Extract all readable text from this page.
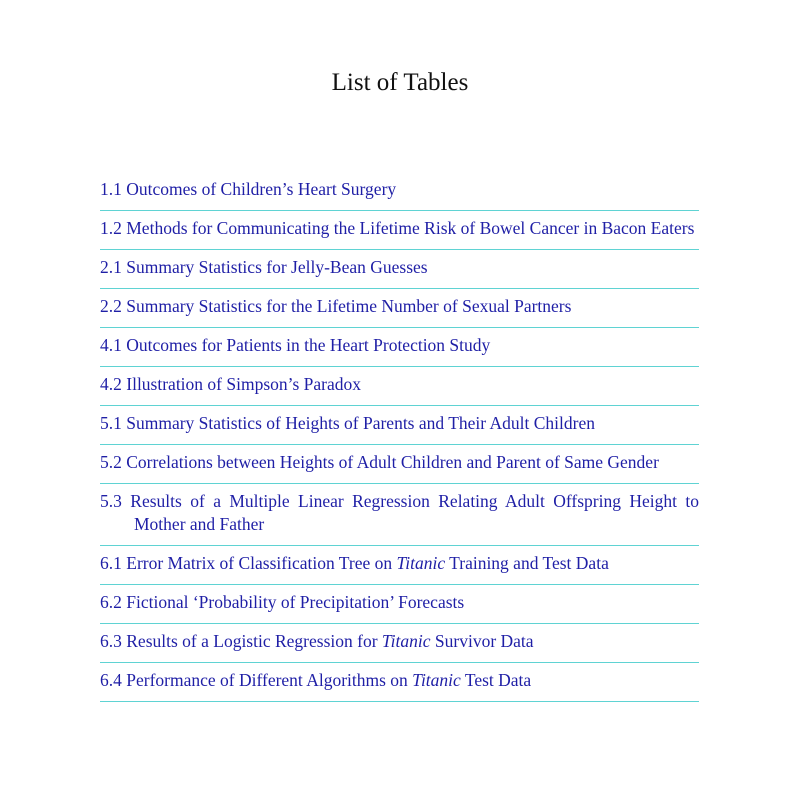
List of Tables
1.1 Outcomes of Children’s Heart Surgery
1.2 Methods for Communicating the Lifetime Risk of Bowel Cancer in Bacon Eaters
2.1 Summary Statistics for Jelly-Bean Guesses
2.2 Summary Statistics for the Lifetime Number of Sexual Partners
4.1 Outcomes for Patients in the Heart Protection Study
4.2 Illustration of Simpson’s Paradox
5.1 Summary Statistics of Heights of Parents and Their Adult Children
5.2 Correlations between Heights of Adult Children and Parent of Same Gender
5.3 Results of a Multiple Linear Regression Relating Adult Offspring Height to Mother and Father
6.1 Error Matrix of Classification Tree on Titanic Training and Test Data
6.2 Fictional ‘Probability of Precipitation’ Forecasts
6.3 Results of a Logistic Regression for Titanic Survivor Data
6.4 Performance of Different Algorithms on Titanic Test Data
